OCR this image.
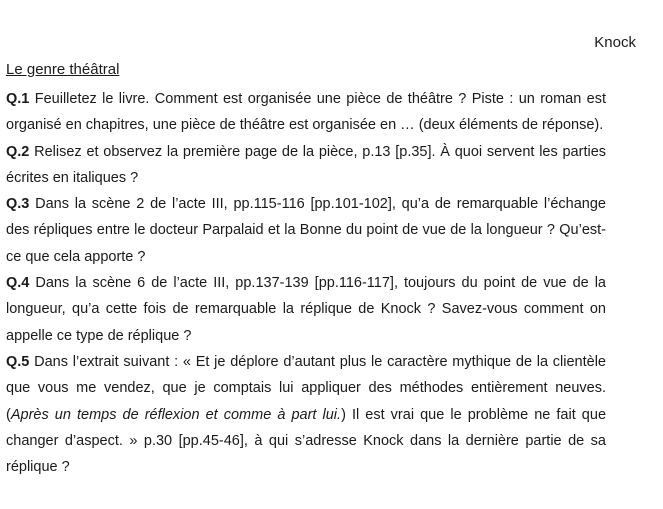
Knock
Le genre théâtral

Q.1 Feuilletez le livre. Comment est organisée une pièce de théâtre ? Piste : un roman est organisé en chapitres, une pièce de théâtre est organisée en … (deux éléments de réponse).

Q.2 Relisez et observez la première page de la pièce, p.13 [p.35]. À quoi servent les parties écrites en italiques ?

Q.3 Dans la scène 2 de l’acte III, pp.115-116 [pp.101-102], qu’a de remarquable l’échange des répliques entre le docteur Parpalaid et la Bonne du point de vue de la longueur ? Qu’est-ce que cela apporte ?

Q.4 Dans la scène 6 de l’acte III, pp.137-139 [pp.116-117], toujours du point de vue de la longueur, qu’a cette fois de remarquable la réplique de Knock ? Savez-vous comment on appelle ce type de réplique ?

Q.5 Dans l’extrait suivant : « Et je déplore d’autant plus le caractère mythique de la clientèle que vous me vendez, que je comptais lui appliquer des méthodes entièrement neuves. (Après un temps de réflexion et comme à part lui.) Il est vrai que le problème ne fait que changer d’aspect. » p.30 [pp.45-46], à qui s’adresse Knock dans la dernière partie de sa réplique ?
